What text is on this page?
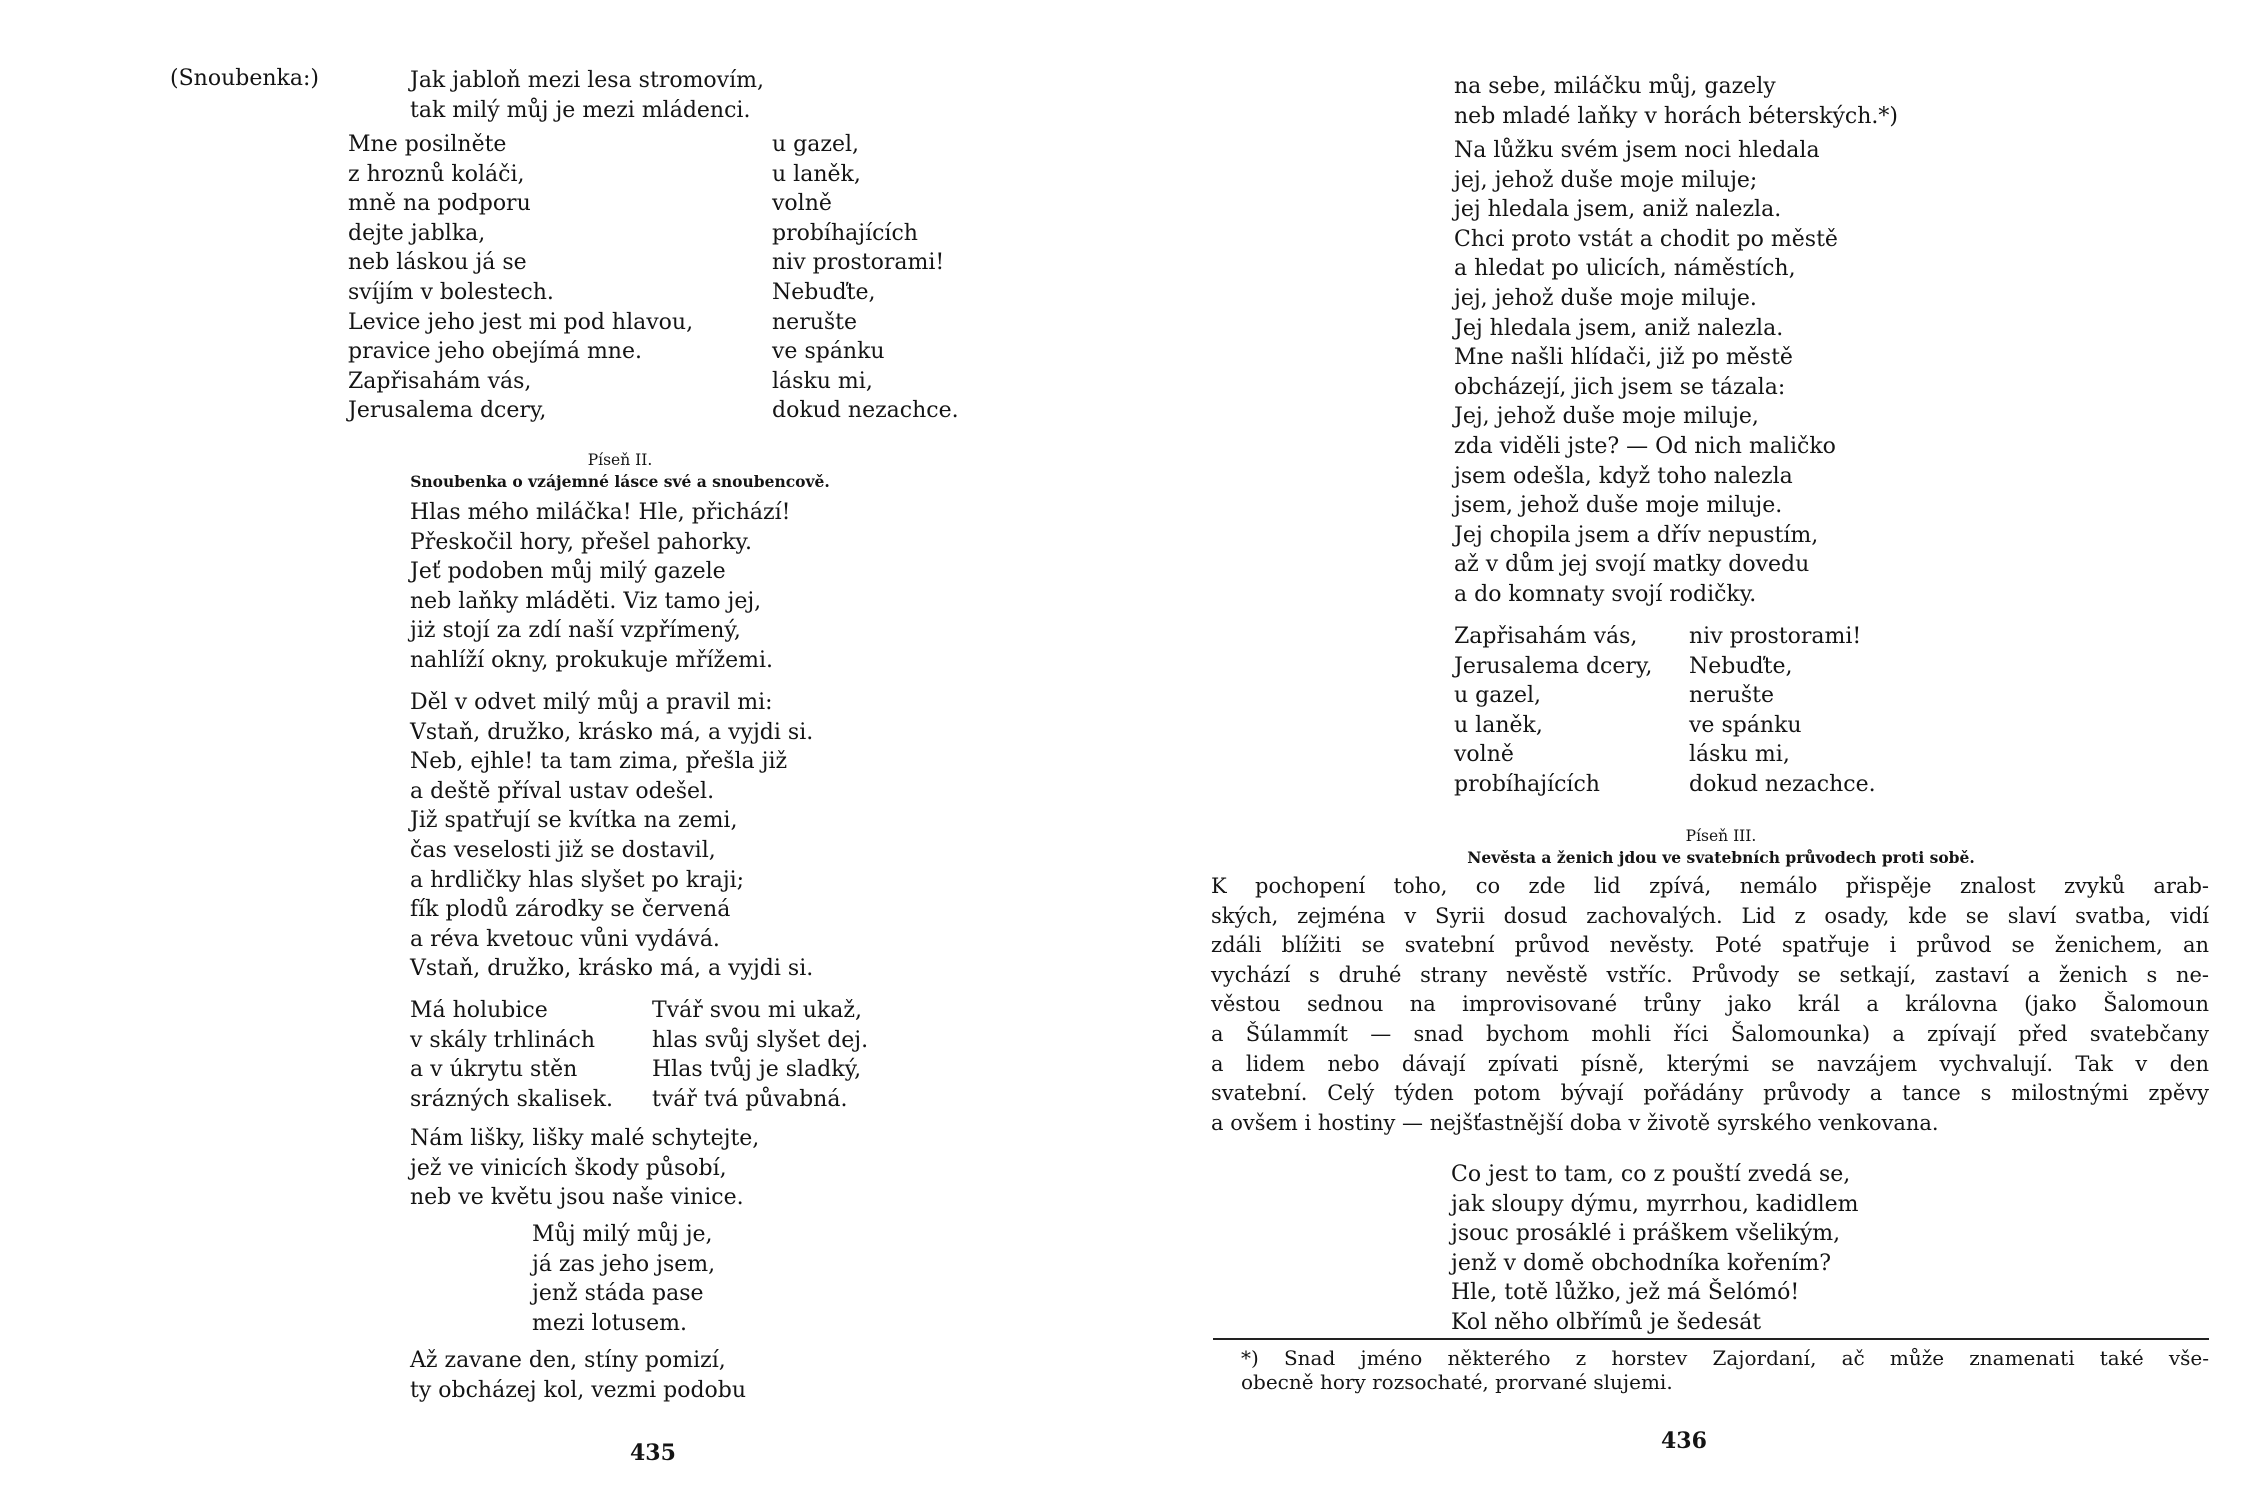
(Snoubenka:)	Jak jabloň mezi lesa stromovím,
tak milý můj je mezi mládenci.
Mne posilněte
z hroznů koláči,
mně na podporu
dejte jablka,
neb láskou já se
svíjím v bolestech.
Levice jeho jest mi pod hlavou,
pravice jeho obejímá mne.
Zapřisahám vás,
Jerusalema dcery,
u gazel,
u laněk,
volně
probíhajících
niv prostorami!
Nebuďte,
nerušte
ve spánku
lásku mi,
dokud nezachce.
Píseň II.
Snoubenka o vzájemné lásce své a snoubencově.
Hlas mého miláčka! Hle, přichází!
Přeskočil hory, přešel pahorky.
Jeť podoben můj milý gazele
neb laňky mláděti. Viz tamo jej,
jiż stojí za zdí naší vzpřímený,
nahlíží okny, prokukuje mřížemi.
Děl v odvet milý můj a pravil mi:
Vstaň, družko, krásko má, a vyjdi si.
Neb, ejhle! ta tam zima, přešla již
a deště příval ustav odešel.
Již spatřují se kvítka na zemi,
čas veselosti již se dostavil,
a hrdličky hlas slyšet po kraji;
fík plodů zárodky se červená
a réva kvetouc vůni vydává.
Vstaň, družko, krásko má, a vyjdi si.
Má holubice
v skály trhlinách
a v úkrytu stěn
srázných skalisek.
Tvář svou mi ukaž,
hlas svůj slyšet dej.
Hlas tvůj je sladký,
tvář tvá půvabná.
Nám lišky, lišky malé schytejte,
jež ve vinicích škody působí,
neb ve květu jsou naše vinice.
Můj milý můj je,
já zas jeho jsem,
jenž stáda pase
mezi lotusem.
Až zavane den, stíny pomizí,
ty obcházej kol, vezmi podobu
435
na sebe, miláčku můj, gazely
neb mladé laňky v horách béterských.*)
Na lůžku svém jsem noci hledala
jej, jehož duše moje miluje;
jej hledala jsem, aniž nalezla.
Chci proto vstát a chodit po městě
a hledat po ulicích, náměstích,
jej, jehož duše moje miluje.
Jej hledala jsem, aniž nalezla.
Mne našli hlídači, již po městě
obcházejí, jich jsem se tázala:
Jej, jehož duše moje miluje,
zda viděli jste? — Od nich maličko
jsem odešla, když toho nalezla
jsem, jehož duše moje miluje.
Jej chopila jsem a dřív nepustím,
až v dům jej svojí matky dovedu
a do komnaty svojí rodičky.
Zapřisahám vás,
Jerusalema dcery,
u gazel,
u laněk,
volně
probíhajících
niv prostorami!
Nebuďte,
nerušte
ve spánku
lásku mi,
dokud nezachce.
Píseň III.
Nevěsta a ženich jdou ve svatebních průvodech proti sobě.
K pochopení toho, co zde lid zpívá, nemálo přispěje znalost zvyků arab-
ských, zejména v Syrii dosud zachovalých. Lid z osady, kde se slaví svatba, vidí
zdáli blížiti se svatební průvod nevěsty. Poté spatřuje i průvod se ženichem, an
vychází s druhé strany nevěstě vstříc. Průvody se setkají, zastaví a ženich s ne-
věstou sednou na improvisované trůny jako král a královna (jako Šalomoun
a Šúlammít — snad bychom mohli říci Šalomounka) a zpívají před svatebčany
a lidem nebo dávají zpívati písně, kterými se navzájem vychvalují. Tak v den
svatební. Celý týden potom bývají pořádány průvody a tance s milostnými zpěvy
a ovšem i hostiny — nejšťastnější doba v životě syrského venkovana.
Co jest to tam, co z pouští zvedá se,
jak sloupy dýmu, myrrhou, kadidlem
jsouc prosáklé i práškem všelikým,
jenž v domě obchodníka kořením?
Hle, totě lůžko, jež má Šelómó!
Kol něho olbřímů je šedesát
*) Snad jméno některého z horstev Zajordaní, ač může znamenati také vše-
obecně hory rozsochaté, prorvané slujemi.
436
